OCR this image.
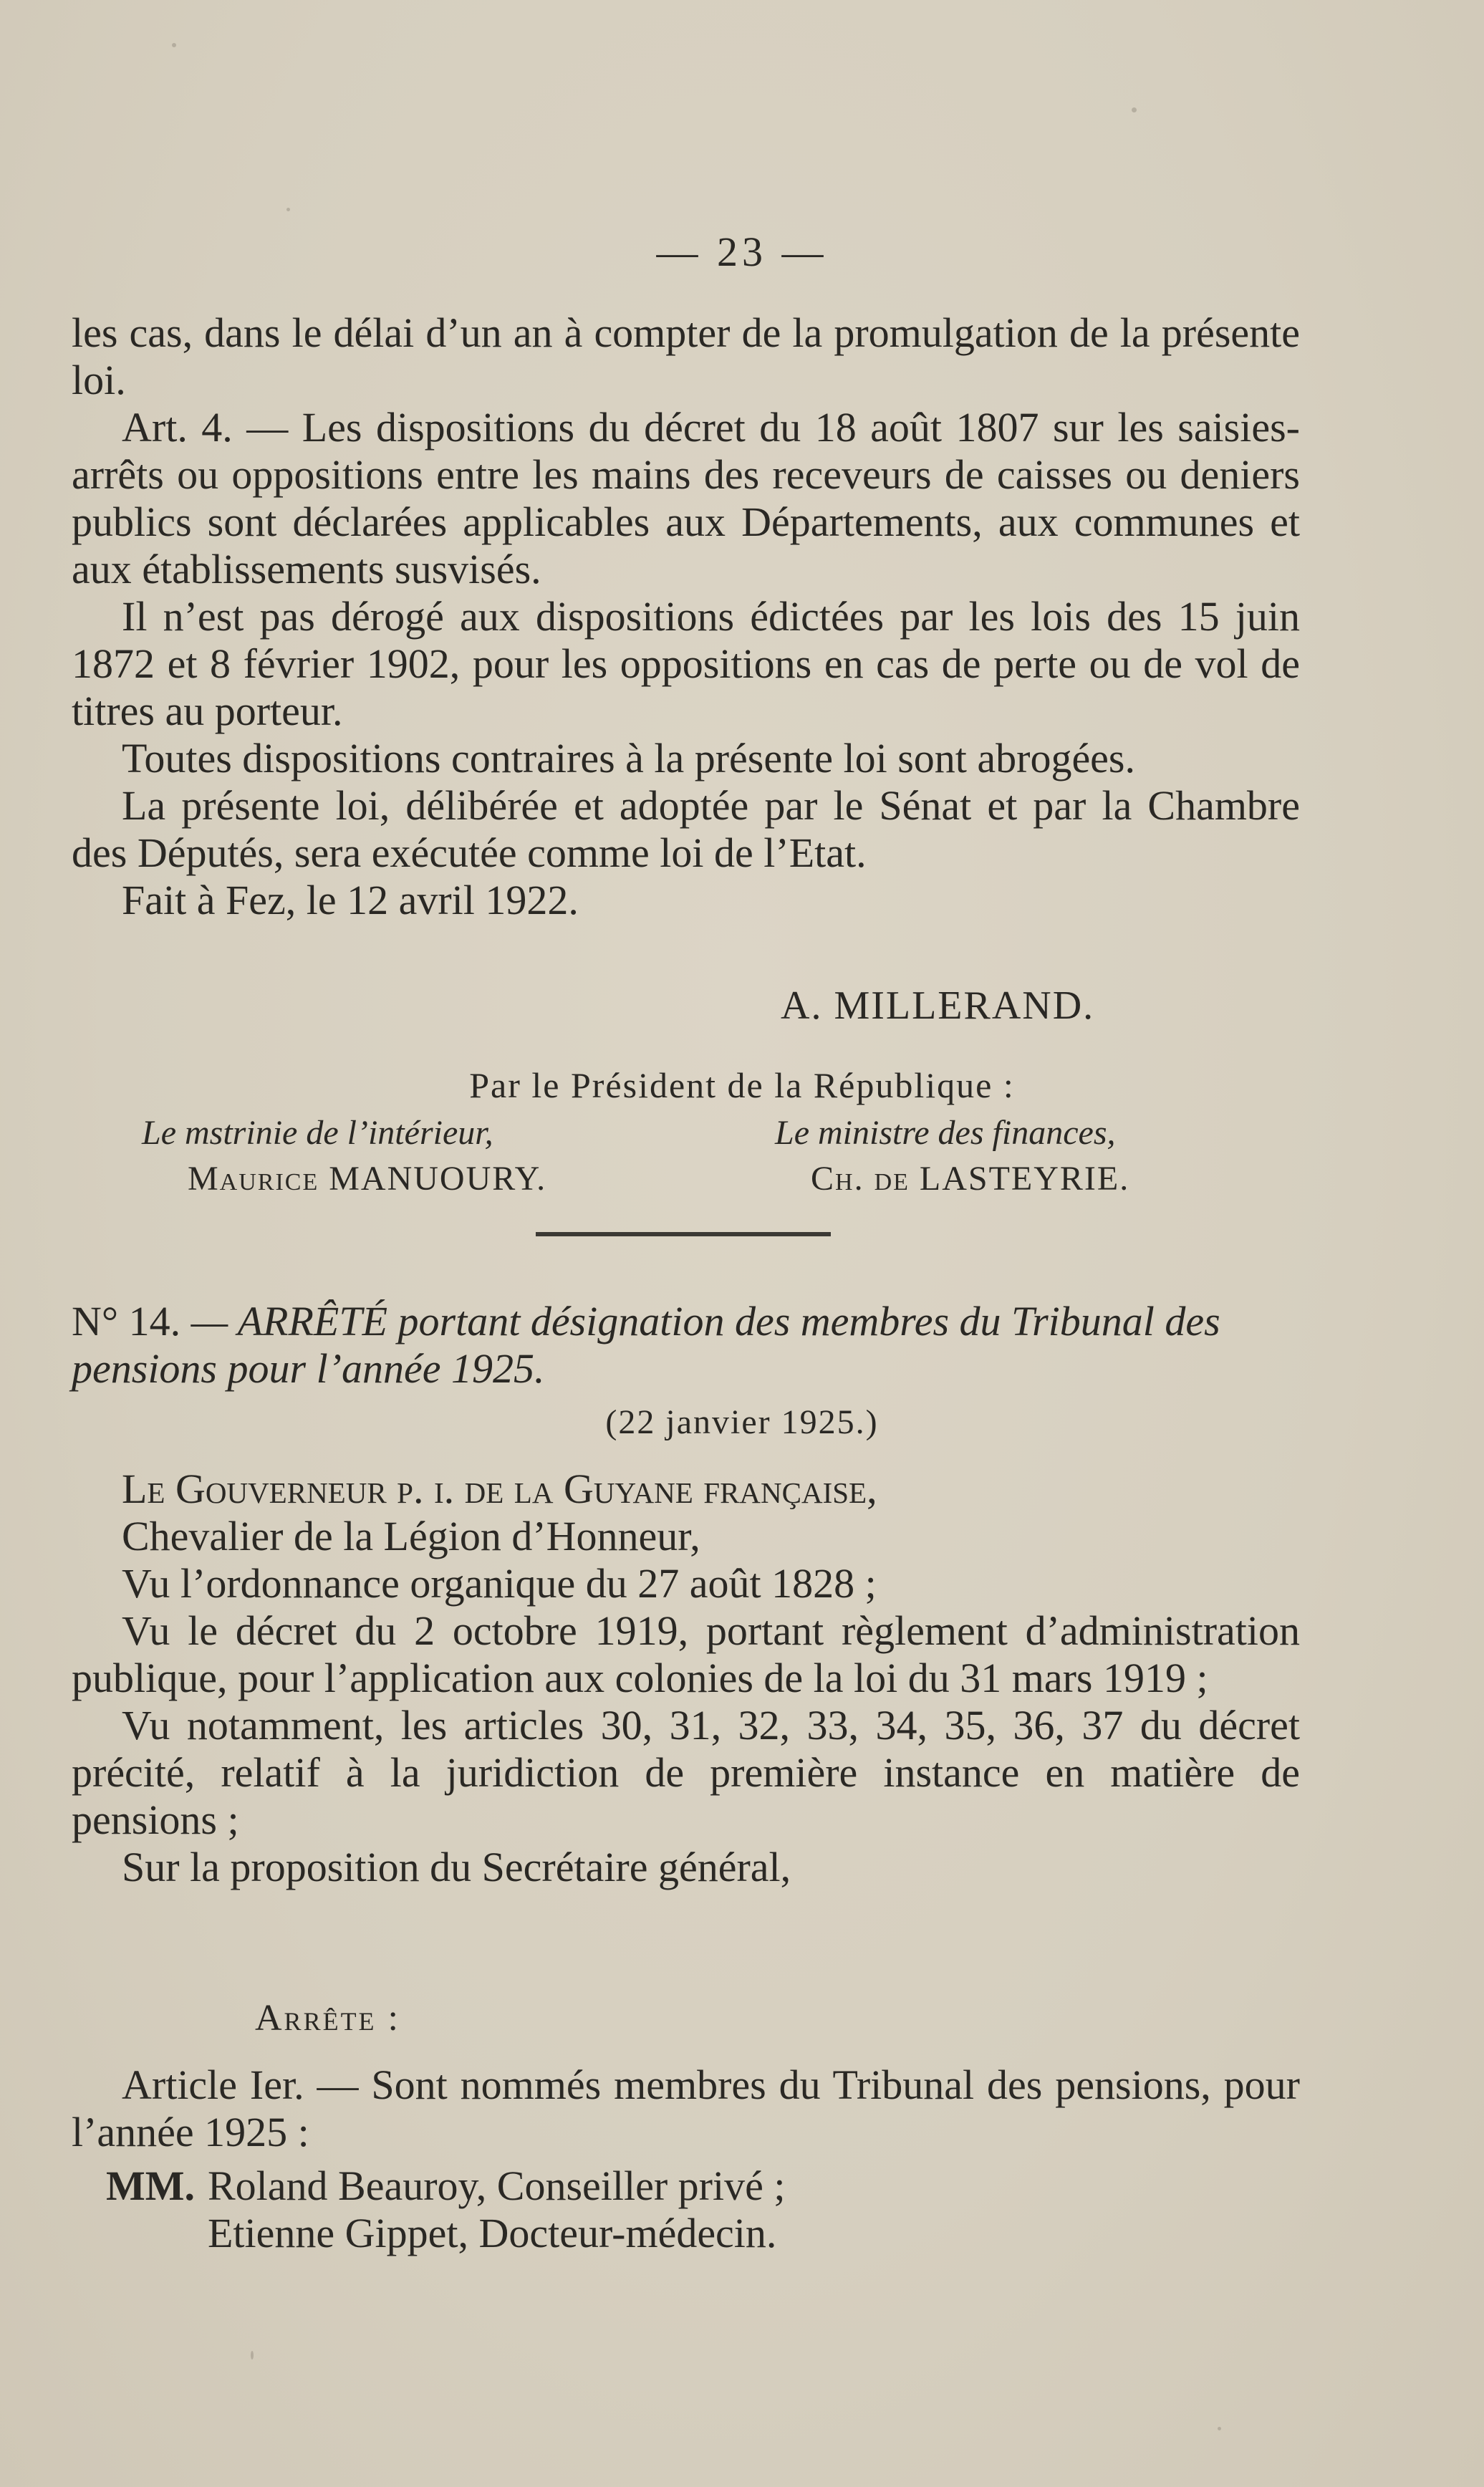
— 23 —

les cas, dans le délai d’un an à compter de la promulgation de la présente loi.

Art. 4. — Les dispositions du décret du 18 août 1807 sur les saisies-arrêts ou oppositions entre les mains des receveurs de caisses ou deniers publics sont déclarées applicables aux Départements, aux communes et aux établissements susvisés.

Il n’est pas dérogé aux dispositions édictées par les lois des 15 juin 1872 et 8 février 1902, pour les oppositions en cas de perte ou de vol de titres au porteur.

Toutes dispositions contraires à la présente loi sont abrogées.

La présente loi, délibérée et adoptée par le Sénat et par la Chambre des Députés, sera exécutée comme loi de l’Etat.

Fait à Fez, le 12 avril 1922.

A. MILLERAND.
Par le Président de la République :
Le mstrinie de l’intérieur,	Le ministre des finances,
Maurice MANUOURY.	Ch. de LASTEYRIE.
N° 14. — ARRÊTÉ portant désignation des membres du Tribunal des pensions pour l’année 1925.
(22 janvier 1925.)

Le Gouverneur p. i. de la Guyane française,

Chevalier de la Légion d’Honneur,

Vu l’ordonnance organique du 27 août 1828 ;

Vu le décret du 2 octobre 1919, portant règlement d’administration publique, pour l’application aux colonies de la loi du 31 mars 1919 ;

Vu notamment, les articles 30, 31, 32, 33, 34, 35, 36, 37 du décret précité, relatif à la juridiction de première instance en matière de pensions ;

Sur la proposition du Secrétaire général,

Arrête :

Article Ier. — Sont nommés membres du Tribunal des pensions, pour l’année 1925 :

MM. Roland Beauroy, Conseiller privé ;
Etienne Gippet, Docteur-médecin.
